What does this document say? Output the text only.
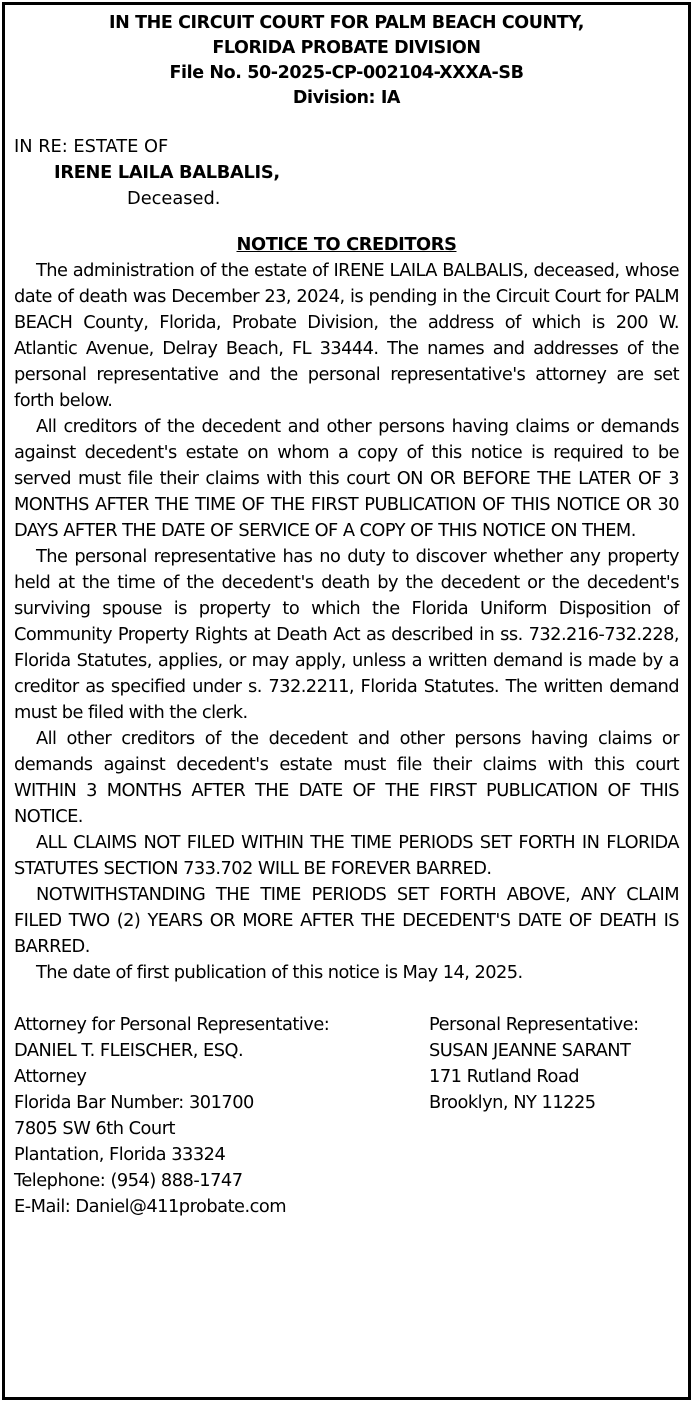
IN THE CIRCUIT COURT FOR PALM BEACH COUNTY,
FLORIDA PROBATE DIVISION
File No. 50-2025-CP-002104-XXXA-SB
Division: IA
IN RE: ESTATE OF
IRENE LAILA BALBALIS,
Deceased.
NOTICE TO CREDITORS

The administration of the estate of IRENE LAILA BALBALIS, deceased, whose date of death was December 23, 2024, is pending in the Circuit Court for PALM BEACH County, Florida, Probate Division, the address of which is 200 W. Atlantic Avenue, Delray Beach, FL 33444. The names and addresses of the personal representative and the personal representative's attorney are set forth below.

All creditors of the decedent and other persons having claims or demands against decedent's estate on whom a copy of this notice is required to be served must file their claims with this court ON OR BEFORE THE LATER OF 3 MONTHS AFTER THE TIME OF THE FIRST PUBLICATION OF THIS NOTICE OR 30 DAYS AFTER THE DATE OF SERVICE OF A COPY OF THIS NOTICE ON THEM.

The personal representative has no duty to discover whether any property held at the time of the decedent's death by the decedent or the decedent's surviving spouse is property to which the Florida Uniform Disposition of Community Property Rights at Death Act as described in ss. 732.216-732.228, Florida Statutes, applies, or may apply, unless a written demand is made by a creditor as specified under s. 732.2211, Florida Statutes. The written demand must be filed with the clerk.

All other creditors of the decedent and other persons having claims or demands against decedent's estate must file their claims with this court WITHIN 3 MONTHS AFTER THE DATE OF THE FIRST PUBLICATION OF THIS NOTICE.

ALL CLAIMS NOT FILED WITHIN THE TIME PERIODS SET FORTH IN FLORIDA STATUTES SECTION 733.702 WILL BE FOREVER BARRED.

NOTWITHSTANDING THE TIME PERIODS SET FORTH ABOVE, ANY CLAIM FILED TWO (2) YEARS OR MORE AFTER THE DECEDENT'S DATE OF DEATH IS BARRED.

The date of first publication of this notice is May 14, 2025.

Attorney for Personal Representative:
DANIEL T. FLEISCHER, ESQ.
Attorney
Florida Bar Number: 301700
7805 SW 6th Court
Plantation, Florida 33324
Telephone: (954) 888-1747
E-Mail: Daniel@411probate.com
Personal Representative:
SUSAN JEANNE SARANT
171 Rutland Road
Brooklyn, NY 11225
